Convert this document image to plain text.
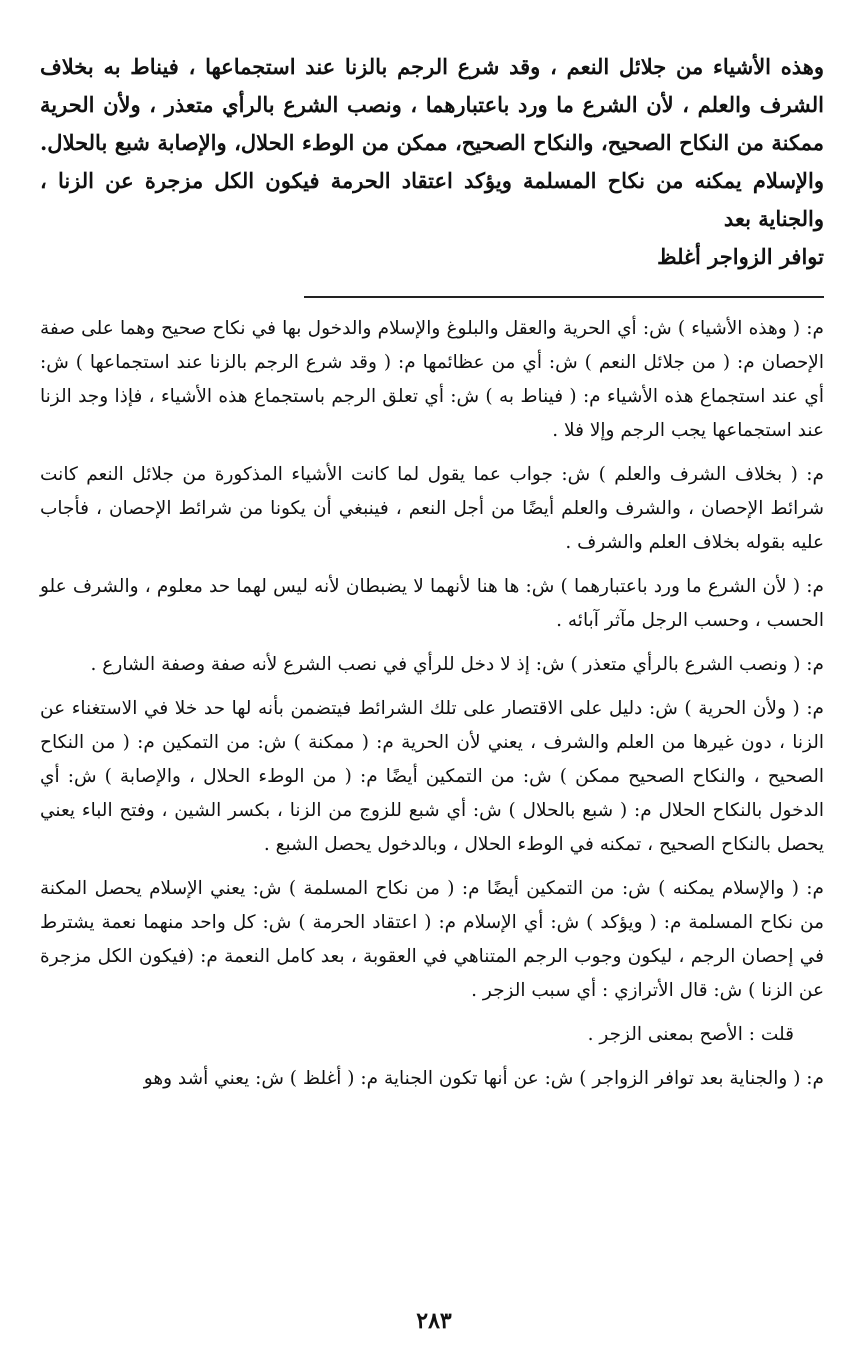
وهذه الأشياء من جلائل النعم ، وقد شرع الرجم بالزنا عند استجماعها ، فيناط به بخلاف الشرف والعلم ، لأن الشرع ما ورد باعتبارهما ، ونصب الشرع بالرأي متعذر ، ولأن الحرية ممكنة من النكاح الصحيح، والنكاح الصحيح، ممكن من الوطء الحلال، والإصابة شبع بالحلال. والإسلام يمكنه من نكاح المسلمة ويؤكد اعتقاد الحرمة فيكون الكل مزجرة عن الزنا ، والجناية بعد

توافر الزواجر أغلظ

م: ( وهذه الأشياء ) ش: أي الحرية والعقل والبلوغ والإسلام والدخول بها في نكاح صحيح وهما على صفة الإحصان م: ( من جلائل النعم ) ش: أي من عظائمها م: ( وقد شرع الرجم بالزنا عند استجماعها ) ش: أي عند استجماع هذه الأشياء م: ( فيناط به ) ش: أي تعلق الرجم باستجماع هذه الأشياء ، فإذا وجد الزنا عند استجماعها يجب الرجم وإلا فلا .

م: ( بخلاف الشرف والعلم ) ش: جواب عما يقول لما كانت الأشياء المذكورة من جلائل النعم كانت شرائط الإحصان ، والشرف والعلم أيضًا من أجل النعم ، فينبغي أن يكونا من شرائط الإحصان ، فأجاب عليه بقوله بخلاف العلم والشرف .

م: ( لأن الشرع ما ورد باعتبارهما ) ش: ها هنا لأنهما لا يضبطان لأنه ليس لهما حد معلوم ، والشرف علو الحسب ، وحسب الرجل مآثر آبائه .

م: ( ونصب الشرع بالرأي متعذر ) ش: إذ لا دخل للرأي في نصب الشرع لأنه صفة وصفة الشارع .

م: ( ولأن الحرية ) ش: دليل على الاقتصار على تلك الشرائط فيتضمن بأنه لها حد خلا في الاستغناء عن الزنا ، دون غيرها من العلم والشرف ، يعني لأن الحرية م: ( ممكنة ) ش: من التمكين م: ( من النكاح الصحيح ، والنكاح الصحيح ممكن ) ش: من التمكين أيضًا م: ( من الوطء الحلال ، والإصابة ) ش: أي الدخول بالنكاح الحلال م: ( شبع بالحلال ) ش: أي شبع للزوج من الزنا ، بكسر الشين ، وفتح الباء يعني يحصل بالنكاح الصحيح ، تمكنه في الوطء الحلال ، وبالدخول يحصل الشبع .

م: ( والإسلام يمكنه ) ش: من التمكين أيضًا م: ( من نكاح المسلمة ) ش: يعني الإسلام يحصل المكنة من نكاح المسلمة م: ( ويؤكد ) ش: أي الإسلام م: ( اعتقاد الحرمة ) ش: كل واحد منهما نعمة يشترط في إحصان الرجم ، ليكون وجوب الرجم المتناهي في العقوبة ، بعد كامل النعمة م: (فيكون الكل مزجرة عن الزنا ) ش: قال الأترازي : أي سبب الزجر .

قلت : الأصح بمعنى الزجر .

م: ( والجناية بعد توافر الزواجر ) ش: عن أنها تكون الجناية م: ( أغلظ ) ش: يعني أشد وهو

٢٨٣
